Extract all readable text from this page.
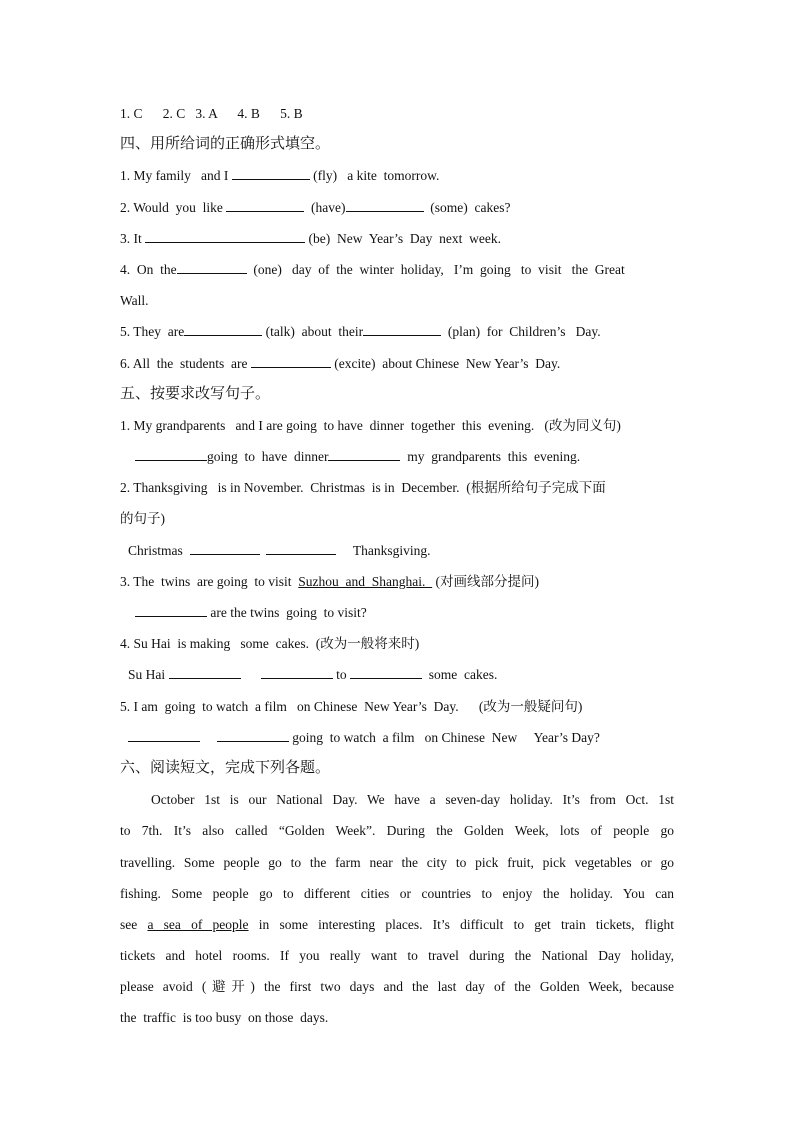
1. C      2. C   3. A      4. B      5. B
四、用所给词的正确形式填空。
1. My family   and I	(fly)   a kite  tomorrow.
2. Would  you  like	(have)	(some)  cakes?
3. It	(be)  New  Year’s  Day  next  week.
4.  On  the	(one)   day  of  the  winter  holiday,   I’m  going   to  visit   the  Great
Wall.
5. They  are	(talk)  about  their	(plan)  for  Children’s   Day.
6. All  the  students  are	(excite)  about Chinese  New Year’s  Day.
五、按要求改写句子。
1. My grandparents   and I are going  to have  dinner  together  this  evening.   (改为同义句)
going  to  have  dinner	my  grandparents  this  evening.
2. Thanksgiving   is in November.  Christmas  is in  December.  (根据所给句子完成下面
的句子)
Christmas	Thanksgiving.
3. The  twins  are going  to visit  Suzhou  and  Shanghai.   (对画线部分提问)
are the twins  going  to visit?
4. Su Hai  is making   some  cakes.  (改为一般将来时)
Su Hai	to	some  cakes.
5. I am  going  to watch  a film   on Chinese  New Year’s  Day.      (改为一般疑问句)
going  to watch  a film   on Chinese  New     Year’s Day?
六、阅读短文，完成下列各题。
October 1st is our National Day. We have a seven-day holiday. It’s from Oct. 1st
to 7th. It’s also called “Golden Week”. During the Golden Week, lots of people go
travelling. Some people go to the farm near the city to pick fruit, pick vegetables or go
fishing. Some people go to different cities or countries to enjoy the holiday. You can
see a sea of people in some interesting places. It’s difficult to get train tickets, flight
tickets and hotel rooms. If you really want to travel during the National Day holiday,
please avoid (避开) the first two days and the last day of the Golden Week, because
the  traffic  is too busy  on those  days.
